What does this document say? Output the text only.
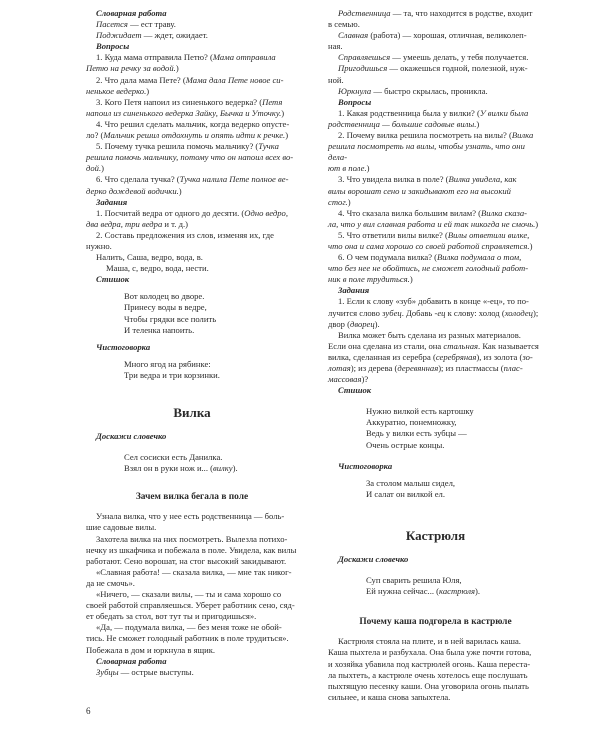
Словарная работа
Пасется — ест траву.
Поджидает — ждет, ожидает.
Вопросы
1. Куда мама отправила Петю? (Мама отправила
Петю на речку за водой.)
2. Что дала мама Пете? (Мама дала Пете новое си-
ненькое ведерко.)
3. Кого Петя напоил из синенького ведерка? (Петя
напоил из синенького ведерка Зайку, Бычка и Уточку.)
4. Что решил сделать мальчик, когда ведерко опусте-
ло? (Мальчик решил отдохнуть и опять идти к речке.)
5. Почему тучка решила помочь мальчику? (Тучка
решила помочь мальчику, потому что он напоил всех во-
дой.)
6. Что сделала тучка? (Тучка налила Пете полное ве-
дерко дождевой водички.)
Задания
1. Посчитай ведра от одного до десяти. (Одно ведро,
два ведра, три ведра и т. д.)
2. Составь предложения из слов, изменяя их, где
нужно.
Налить, Саша, ведро, вода, в.
Маша, с, ведро, вода, нести.
Стишок
Вот колодец во дворе.
Принесу воды в ведре,
Чтобы грядки все полить
И теленка напоить.
Чистоговорка
Много ягод на рябинке:
Три ведра и три корзинки.
Вилка
Доскажи словечко
Сел сосиски есть Данилка.
Взял он в руки нож и... (вилку).
Зачем вилка бегала в поле
Узнала вилка, что у нее есть родственница — боль-
шие садовые вилы.
Захотела вилка на них посмотреть. Вылезла потихо-
нечку из шкафчика и побежала в поле. Увидела, как вилы
работают. Сено ворошат, на стог высокий закидывают.
«Славная работа! — сказала вилка, — мне так никог-
да не смочь».
«Ничего, — сказали вилы, — ты и сама хорошо со
своей работой справляешься. Уберет работник сено, сяд-
ет обедать за стол, вот тут ты и пригодишься».
«Да, — подумала вилка, — без меня тоже не обой-
тись. Не сможет голодный работник в поле трудиться».
Побежала в дом и юркнула в ящик.
Словарная работа
Зубцы — острые выступы.
Родственница — та, что находится в родстве, входит
в семью.
Славная (работа) — хорошая, отличная, великолеп-
ная.
Справляешься — умеешь делать, у тебя получается.
Пригодишься — окажешься годной, полезной, нуж-
ной.
Юркнула — быстро скрылась, проникла.
Вопросы
1. Какая родственница была у вилки? (У вилки была
родственница — большие садовые вилы.)
2. Почему вилка решила посмотреть на вилы? (Вилка
решила посмотреть на вилы, чтобы узнать, что они дела-
ют в поле.)
3. Что увидела вилка в поле? (Вилка увидела, как
вилы ворошат сено и закидывают его на высокий
стог.)
4. Что сказала вилка большим вилам? (Вилка сказа-
ла, что у вил славная работа и ей так никогда не смочь.)
5. Что ответили вилы вилке? (Вилы ответили вилке,
что она и сама хорошо со своей работой справляется.)
6. О чем подумала вилка? (Вилка подумала о том,
что без нее не обойтись, не сможет голодный работ-
ник в поле трудиться.)
Задания
1. Если к слову «зуб» добавить в конце «-ец», то по-
лучится слово зубец. Добавь -ец к слову: холод (холодец);
двор (дворец).
Вилка может быть сделана из разных материалов.
Если она сделана из стали, она стальная. Как называется
вилка, сделанная из серебра (серебряная), из золота (зо-
лотая); из дерева (деревянная); из пластмассы (плас-
массовая)?
Стишок
Нужно вилкой есть картошку
Аккуратно, понемножку,
Ведь у вилки есть зубцы —
Очень острые концы.
Чистоговорка
За столом малыш сидел,
И салат он вилкой ел.
Кастрюля
Доскажи словечко
Суп сварить решила Юля,
Ей нужна сейчас... (кастрюля).
Почему каша подгорела в кастрюле
Кастрюля стояла на плите, и в ней варилась каша.
Каша пыхтела и разбухала. Она была уже почти готова,
и хозяйка убавила под кастрюлей огонь. Каша переста-
ла пыхтеть, а кастрюле очень хотелось еще послушать
пыхтящую песенку каши. Она уговорила огонь пылать
сильнее, и каша снова запыхтела.
6
